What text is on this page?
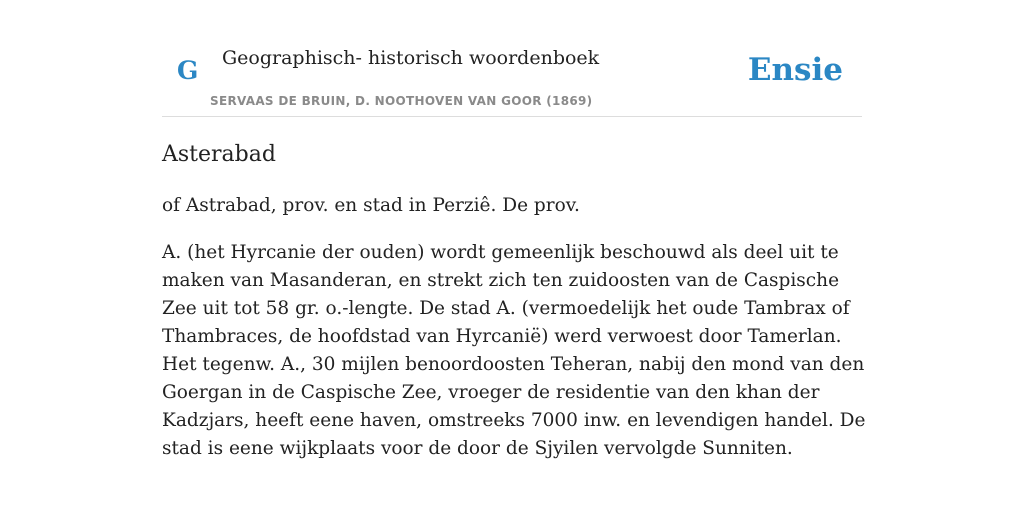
G Geographisch- historisch woordenboek
SERVAAS DE BRUIN, D. NOOTHOVEN VAN GOOR (1869)
Ensie
Asterabad

of Astrabad, prov. en stad in Perziê. De prov.

A. (het Hyrcanie der ouden) wordt gemeenlijk beschouwd als deel uit te maken van Masanderan, en strekt zich ten zuidoosten van de Caspische Zee uit tot 58 gr. o.-lengte. De stad A. (vermoedelijk het oude Tambrax of Thambraces, de hoofdstad van Hyrcanië) werd verwoest door Tamerlan. Het tegenw. A., 30 mijlen benoordoosten Teheran, nabij den mond van den Goergan in de Caspische Zee, vroeger de residentie van den khan der Kadzjars, heeft eene haven, omstreeks 7000 inw. en levendigen handel. De stad is eene wijkplaats voor de door de Sjyilen vervolgde Sunniten.
